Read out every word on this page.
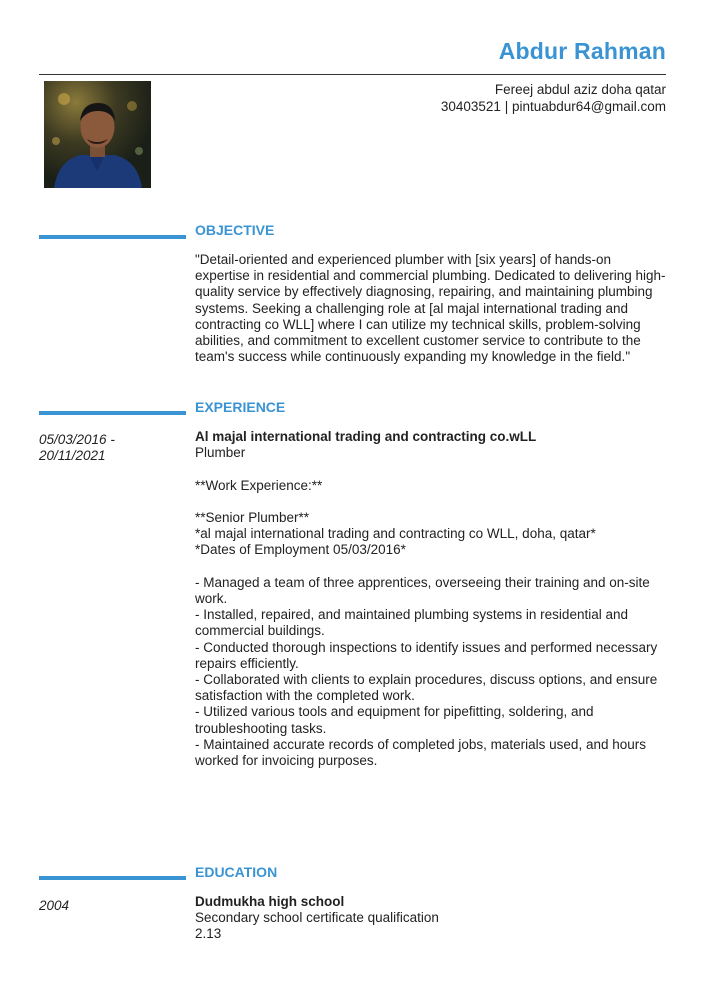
Abdur Rahman
Fereej abdul aziz doha qatar
30403521 | pintuabdur64@gmail.com
OBJECTIVE
"Detail-oriented and experienced plumber with [six years] of hands-on expertise in residential and commercial plumbing. Dedicated to delivering high-quality service by effectively diagnosing, repairing, and maintaining plumbing systems. Seeking a challenging role at [al majal international trading and contracting co WLL] where I can utilize my technical skills, problem-solving abilities, and commitment to excellent customer service to contribute to the team's success while continuously expanding my knowledge in the field."
EXPERIENCE
05/03/2016 -
20/11/2021
Al majal international trading and contracting co.wLL
Plumber
**Work Experience:**
**Senior Plumber**
*al majal international trading and contracting co WLL, doha, qatar*
*Dates of Employment 05/03/2016*
- Managed a team of three apprentices, overseeing their training and on-site work.
- Installed, repaired, and maintained plumbing systems in residential and commercial buildings.
- Conducted thorough inspections to identify issues and performed necessary repairs efficiently.
- Collaborated with clients to explain procedures, discuss options, and ensure satisfaction with the completed work.
- Utilized various tools and equipment for pipefitting, soldering, and troubleshooting tasks.
- Maintained accurate records of completed jobs, materials used, and hours worked for invoicing purposes.
EDUCATION
2004	Dudmukha high school
Secondary school certificate qualification
2.13
